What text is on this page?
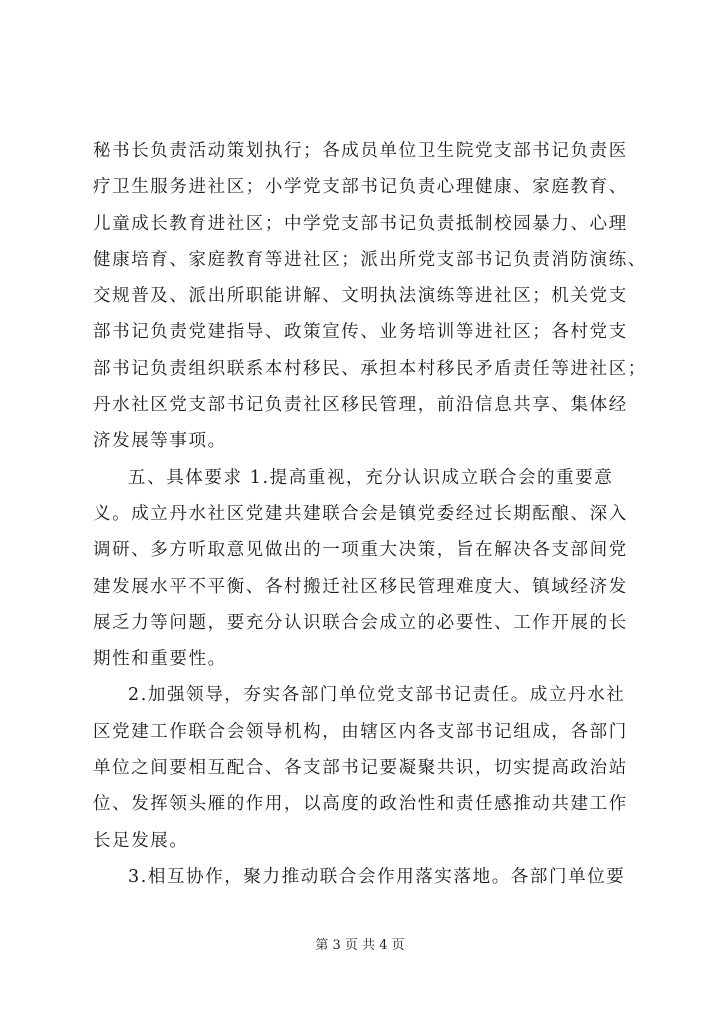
秘书长负责活动策划执行；各成员单位卫生院党支部书记负责医
疗卫生服务进社区；小学党支部书记负责心理健康、家庭教育、
儿童成长教育进社区；中学党支部书记负责抵制校园暴力、心理
健康培育、家庭教育等进社区；派出所党支部书记负责消防演练、
交规普及、派出所职能讲解、文明执法演练等进社区；机关党支
部书记负责党建指导、政策宣传、业务培训等进社区；各村党支
部书记负责组织联系本村移民、承担本村移民矛盾责任等进社区；
丹水社区党支部书记负责社区移民管理，前沿信息共享、集体经
济发展等事项。
五、具体要求 1.提高重视，充分认识成立联合会的重要意
义。成立丹水社区党建共建联合会是镇党委经过长期酝酿、深入
调研、多方听取意见做出的一项重大决策，旨在解决各支部间党
建发展水平不平衡、各村搬迁社区移民管理难度大、镇域经济发
展乏力等问题，要充分认识联合会成立的必要性、工作开展的长
期性和重要性。
2.加强领导，夯实各部门单位党支部书记责任。成立丹水社
区党建工作联合会领导机构，由辖区内各支部书记组成，各部门
单位之间要相互配合、各支部书记要凝聚共识，切实提高政治站
位、发挥领头雁的作用，以高度的政治性和责任感推动共建工作
长足发展。
3.相互协作，聚力推动联合会作用落实落地。各部门单位要
第 3 页 共 4 页
